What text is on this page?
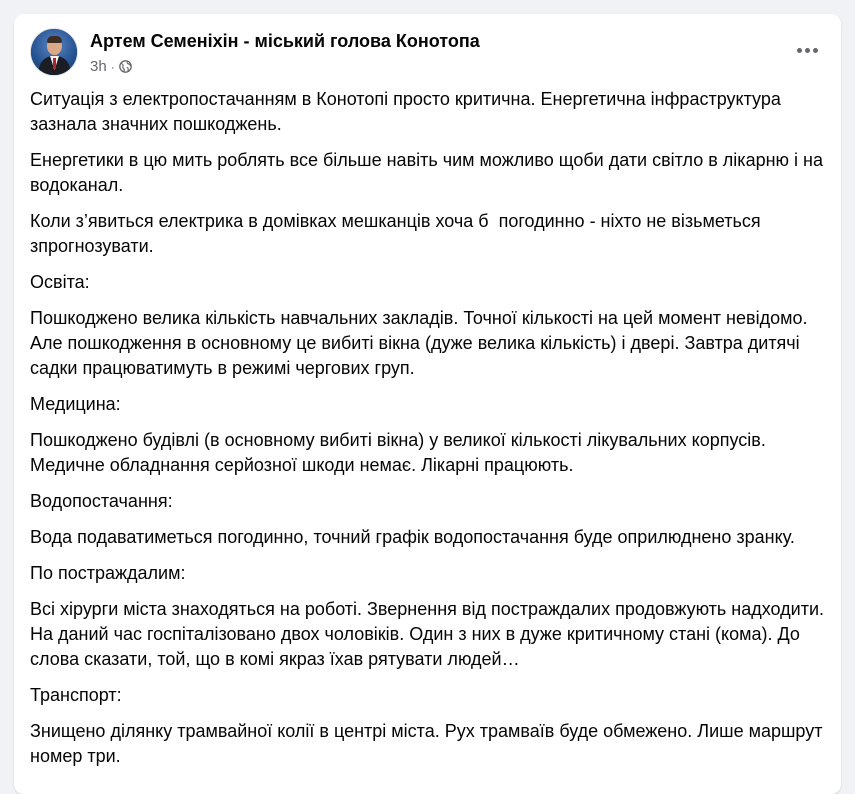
Артем Семеніхін - міський голова Конотопа
3h ·

Ситуація з електропостачанням в Конотопі просто критична. Енергетична інфраструктура зазнала значних пошкоджень.

Енергетики в цю мить роблять все більше навіть чим можливо щоби дати світло в лікарню і на водоканал.

Коли з’явиться електрика в домівках мешканців хоча б  погодинно - ніхто не візьметься зпрогнозувати.

Освіта:

Пошкоджено велика кількість навчальних закладів. Точної кількості на цей момент невідомо. Але пошкодження в основному це вибиті вікна (дуже велика кількість) і двері. Завтра дитячі садки працюватимуть в режимі чергових груп.

Медицина:

Пошкоджено будівлі (в основному вибиті вікна) у великої кількості лікувальних корпусів. Медичне обладнання серйозної шкоди немає. Лікарні працюють.

Водопостачання:

Вода подаватиметься погодинно, точний графік водопостачання буде оприлюднено зранку.

По постраждалим:

Всі хірурги міста знаходяться на роботі. Звернення від постраждалих продовжують надходити. На даний час госпіталізовано двох чоловіків. Один з них в дуже критичному стані (кома). До слова сказати, той, що в комі якраз їхав рятувати людей…

Транспорт:

Знищено ділянку трамвайної колії в центрі міста. Рух трамваїв буде обмежено. Лише маршрут номер три.
